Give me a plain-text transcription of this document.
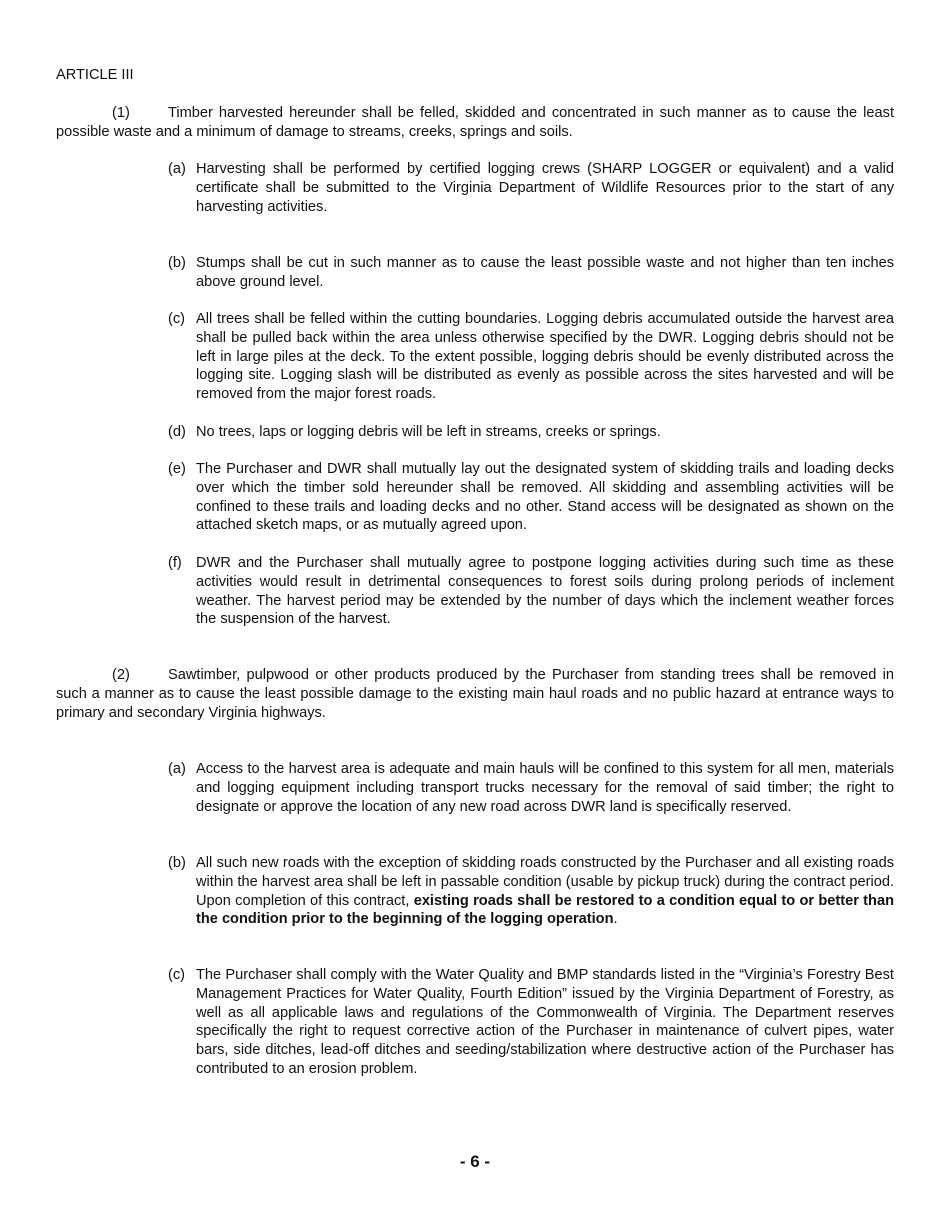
ARTICLE III

(1)	Timber harvested hereunder shall be felled, skidded and concentrated in such manner as to cause the least possible waste and a minimum of damage to streams, creeks, springs and soils.

(a) Harvesting shall be performed by certified logging crews (SHARP LOGGER or equivalent) and a valid certificate shall be submitted to the Virginia Department of Wildlife Resources prior to the start of any harvesting activities.
(b) Stumps shall be cut in such manner as to cause the least possible waste and not higher than ten inches above ground level.
(c) All trees shall be felled within the cutting boundaries. Logging debris accumulated outside the harvest area shall be pulled back within the area unless otherwise specified by the DWR. Logging debris should not be left in large piles at the deck. To the extent possible, logging debris should be evenly distributed across the logging site. Logging slash will be distributed as evenly as possible across the sites harvested and will be removed from the major forest roads.
(d) No trees, laps or logging debris will be left in streams, creeks or springs.
(e) The Purchaser and DWR shall mutually lay out the designated system of skidding trails and loading decks over which the timber sold hereunder shall be removed. All skidding and assembling activities will be confined to these trails and loading decks and no other. Stand access will be designated as shown on the attached sketch maps, or as mutually agreed upon.
(f) DWR and the Purchaser shall mutually agree to postpone logging activities during such time as these activities would result in detrimental consequences to forest soils during prolong periods of inclement weather. The harvest period may be extended by the number of days which the inclement weather forces the suspension of the harvest.

(2)	Sawtimber, pulpwood or other products produced by the Purchaser from standing trees shall be removed in such a manner as to cause the least possible damage to the existing main haul roads and no public hazard at entrance ways to primary and secondary Virginia highways.

(a) Access to the harvest area is adequate and main hauls will be confined to this system for all men, materials and logging equipment including transport trucks necessary for the removal of said timber; the right to designate or approve the location of any new road across DWR land is specifically reserved.
(b) All such new roads with the exception of skidding roads constructed by the Purchaser and all existing roads within the harvest area shall be left in passable condition (usable by pickup truck) during the contract period. Upon completion of this contract, existing roads shall be restored to a condition equal to or better than the condition prior to the beginning of the logging operation.
(c) The Purchaser shall comply with the Water Quality and BMP standards listed in the “Virginia’s Forestry Best Management Practices for Water Quality, Fourth Edition” issued by the Virginia Department of Forestry, as well as all applicable laws and regulations of the Commonwealth of Virginia. The Department reserves specifically the right to request corrective action of the Purchaser in maintenance of culvert pipes, water bars, side ditches, lead-off ditches and seeding/stabilization where destructive action of the Purchaser has contributed to an erosion problem.
- 6 -
